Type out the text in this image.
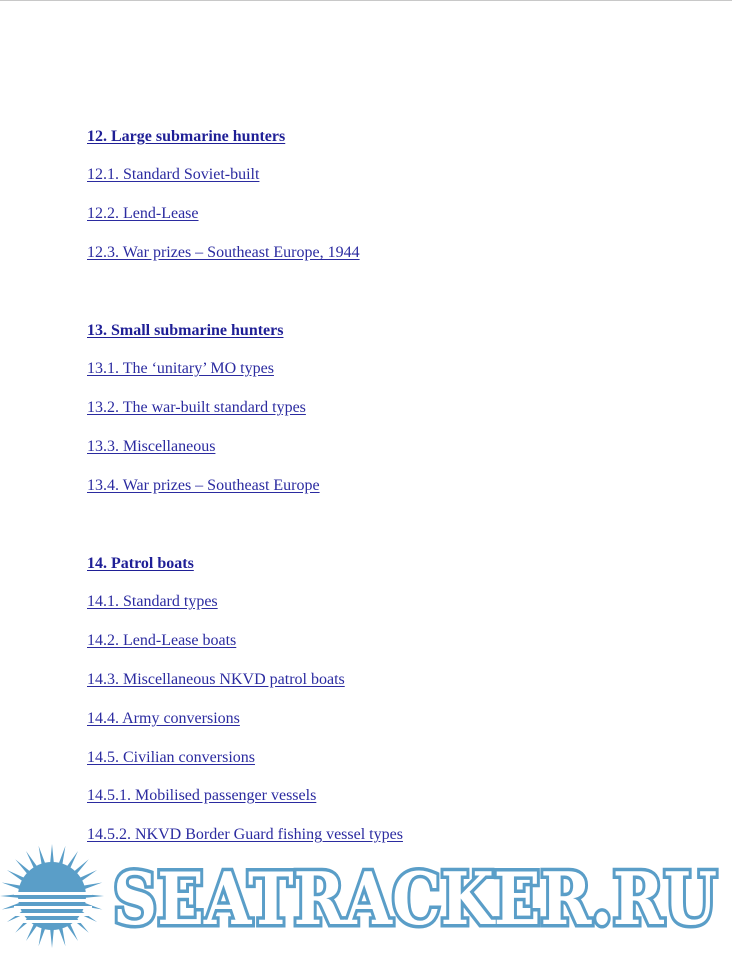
12. Large submarine hunters
12.1. Standard Soviet-built
12.2. Lend-Lease
12.3. War prizes – Southeast Europe, 1944
13. Small submarine hunters
13.1. The ‘unitary’ MO types
13.2. The war-built standard types
13.3. Miscellaneous
13.4. War prizes – Southeast Europe
14. Patrol boats
14.1. Standard types
14.2. Lend-Lease boats
14.3. Miscellaneous NKVD patrol boats
14.4. Army conversions
14.5. Civilian conversions
14.5.1. Mobilised passenger vessels
14.5.2. NKVD Border Guard fishing vessel types
SEATRACKER.RU
